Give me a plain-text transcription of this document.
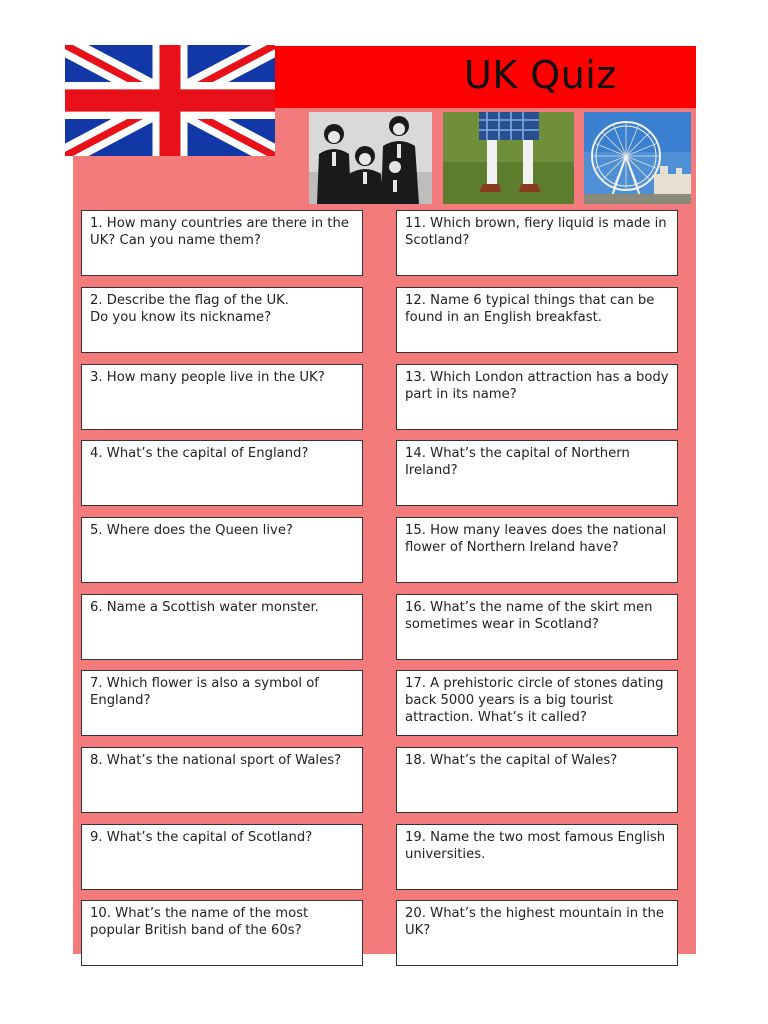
UK Quiz
1. How many countries are there in the UK? Can you name them?
2. Describe the flag of the UK.
Do you know its nickname?
3. How many people live in the UK?
4. What’s the capital of England?
5. Where does the Queen live?
6. Name a Scottish water monster.
7. Which flower is also a symbol of England?
8. What’s the national sport of Wales?
9. What’s the capital of Scotland?
10. What’s the name of the most popular British band of the 60s?
11. Which brown, fiery liquid is made in Scotland?
12. Name 6 typical things that can be found in an English breakfast.
13. Which London attraction has a body part in its name?
14. What’s the capital of Northern Ireland?
15. How many leaves does the national flower of Northern Ireland have?
16. What’s the name of the skirt men sometimes wear in Scotland?
17. A prehistoric circle of stones dating back 5000 years is a big tourist attraction. What’s it called?
18. What’s the capital of Wales?
19. Name the two most famous English universities.
20. What’s the highest mountain in the UK?
